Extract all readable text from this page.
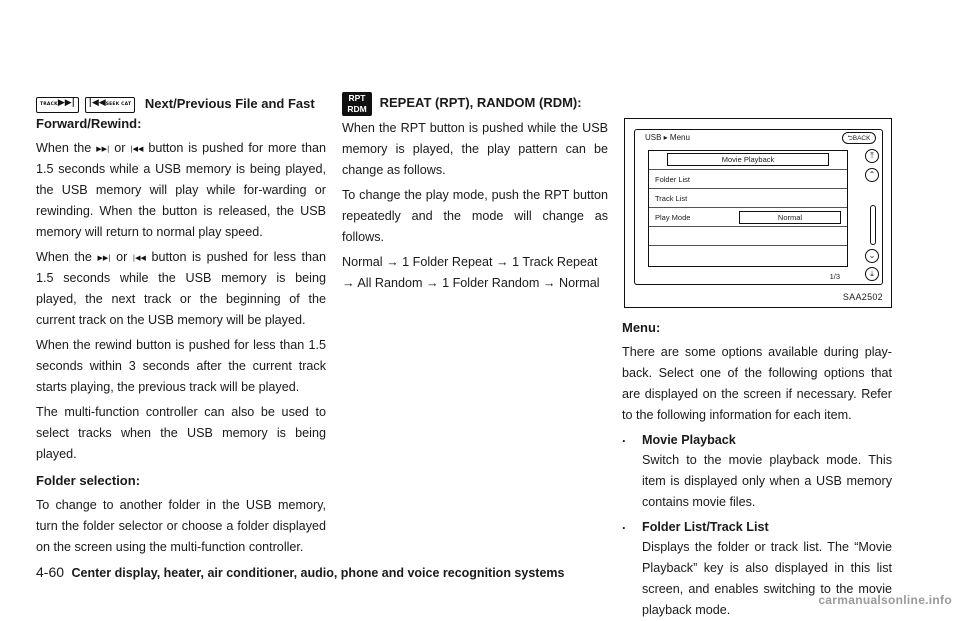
TRACK▶▶| |◀◀SEEK CAT Next/Previous File and Fast
Forward/Rewind:

When the ▶▶| or |◀◀ button is pushed for more than 1.5 seconds while a USB memory is being played, the USB memory will play while for-warding or rewinding. When the button is released, the USB memory will return to normal play speed.

When the ▶▶| or |◀◀ button is pushed for less than 1.5 seconds while the USB memory is being played, the next track or the beginning of the current track on the USB memory will be played.

When the rewind button is pushed for less than 1.5 seconds within 3 seconds after the current track starts playing, the previous track will be played.

The multi-function controller can also be used to select tracks when the USB memory is being played.

Folder selection:

To change to another folder in the USB memory, turn the folder selector or choose a folder displayed on the screen using the multi-function controller.

RPT
RDM REPEAT (RPT), RANDOM (RDM):

When the RPT button is pushed while the USB memory is played, the play pattern can be change as follows.

To change the play mode, push the RPT button repeatedly and the mode will change as follows.

Normal → 1 Folder Repeat → 1 Track Repeat → All Random → 1 Folder Random → Normal

USB ▸ Menu	⮌BACK
Movie Playback
Folder List
Track List
Play Mode	Normal
1/3
⤒
⌃
⌄
⤓
SAA2502
Menu:

There are some options available during play-back. Select one of the following options that are displayed on the screen if necessary. Refer to the following information for each item.

. Movie Playback
Switch to the movie playback mode. This item is displayed only when a USB memory contains movie files.
. Folder List/Track List
Displays the folder or track list. The “Movie Playback” key is also displayed in this list screen, and enables switching to the movie playback mode.
4-60 Center display, heater, air conditioner, audio, phone and voice recognition systems
carmanualsonline.info
